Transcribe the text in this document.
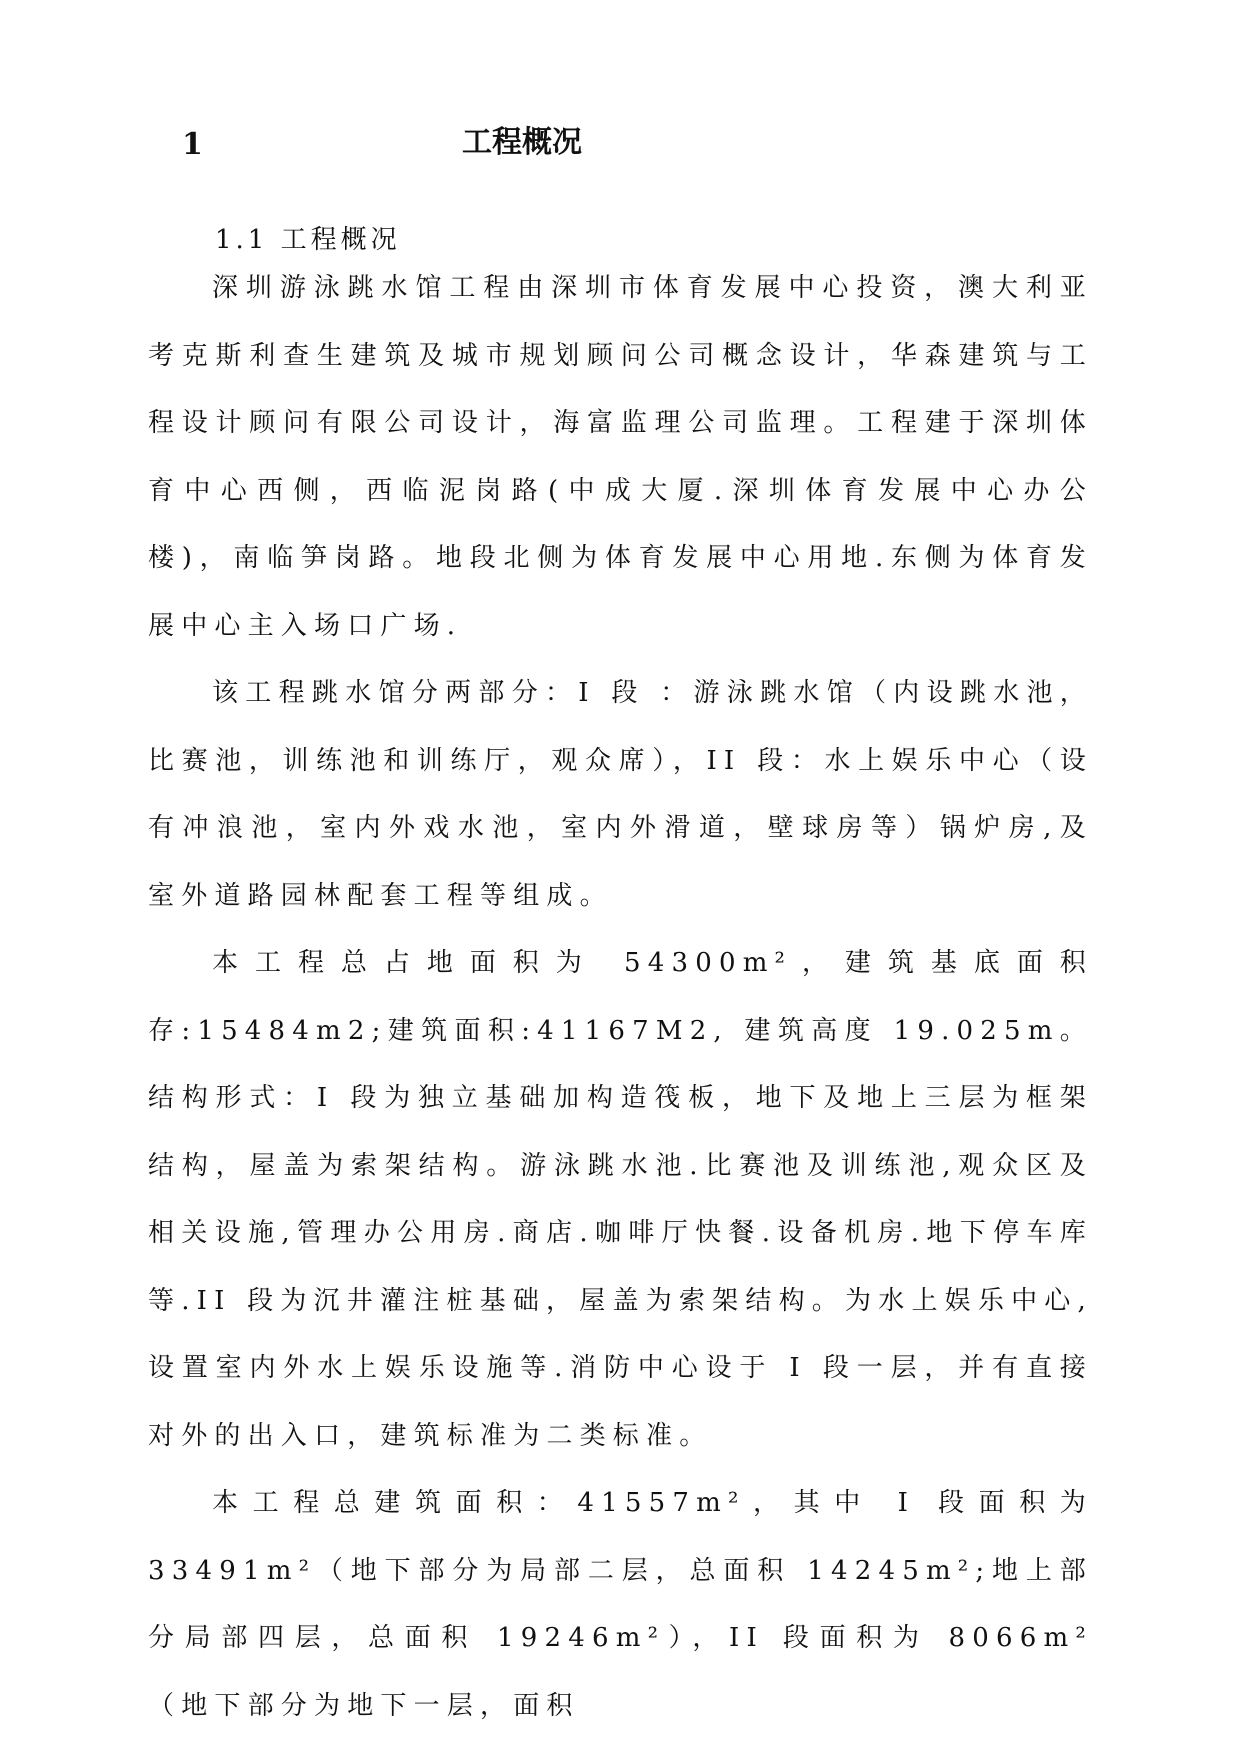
1	工程概况
1.1 工程概况

深圳游泳跳水馆工程由深圳市体育发展中心投资，澳大利亚考克斯利查生建筑及城市规划顾问公司概念设计，华森建筑与工程设计顾问有限公司设计，海富监理公司监理。工程建于深圳体育中心西侧，西临泥岗路(中成大厦.深圳体育发展中心办公楼)，南临笋岗路。地段北侧为体育发展中心用地.东侧为体育发展中心主入场口广场.

该工程跳水馆分两部分：I 段 ：游泳跳水馆（内设跳水池，比赛池，训练池和训练厅，观众席），II 段：水上娱乐中心（设有冲浪池，室内外戏水池，室内外滑道，壁球房等）锅炉房,及室外道路园林配套工程等组成。

本工程总占地面积为 54300m²，建筑基底面积存:15484m2;建筑面积:41167M2, 建筑高度 19.025m。结构形式：I 段为独立基础加构造筏板，地下及地上三层为框架结构，屋盖为索架结构。游泳跳水池.比赛池及训练池,观众区及相关设施,管理办公用房.商店.咖啡厅快餐.设备机房.地下停车库等.II 段为沉井灌注桩基础，屋盖为索架结构。为水上娱乐中心,设置室内外水上娱乐设施等.消防中心设于 I 段一层，并有直接对外的出入口，建筑标准为二类标准。

本工程总建筑面积：41557m²，其中 I 段面积为 33491m²（地下部分为局部二层，总面积 14245m²;地上部分局部四层，总面积 19246m²），II 段面积为 8066m²（地下部分为地下一层，面积
